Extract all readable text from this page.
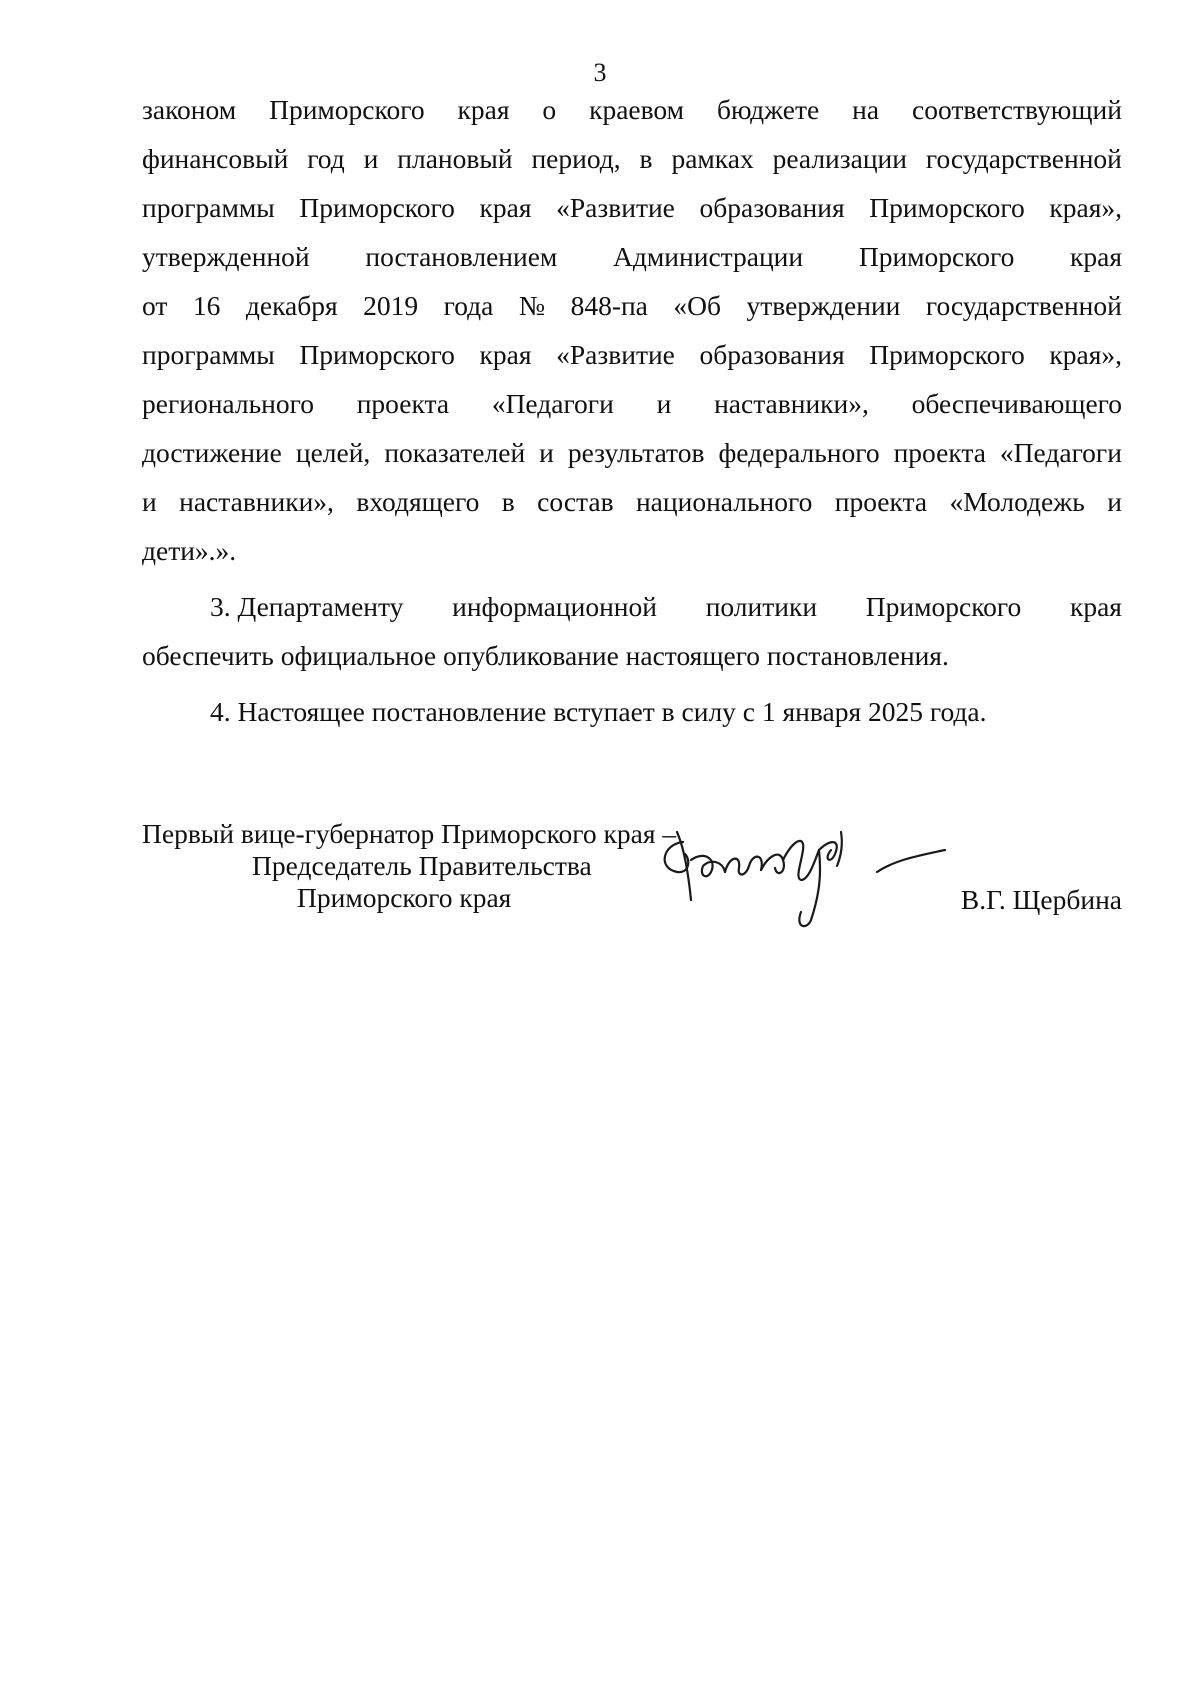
3
законом Приморского края о краевом бюджете на соответствующий
финансовый год и плановый период, в рамках реализации государственной
программы Приморского края «Развитие образования Приморского края»,
утвержденной постановлением Администрации Приморского края
от 16 декабря 2019 года № 848-па «Об утверждении государственной
программы Приморского края «Развитие образования Приморского края»,
регионального проекта «Педагоги и наставники», обеспечивающего
достижение целей, показателей и результатов федерального проекта «Педагоги
и наставники», входящего в состав национального проекта «Молодежь и
дети».».
3. Департаменту информационной политики Приморского края
обеспечить официальное опубликование настоящего постановления.
4. Настоящее постановление вступает в силу с 1 января 2025 года.
Первый вице-губернатор Приморского края –
Председатель Правительства
Приморского края	В.Г. Щербина
